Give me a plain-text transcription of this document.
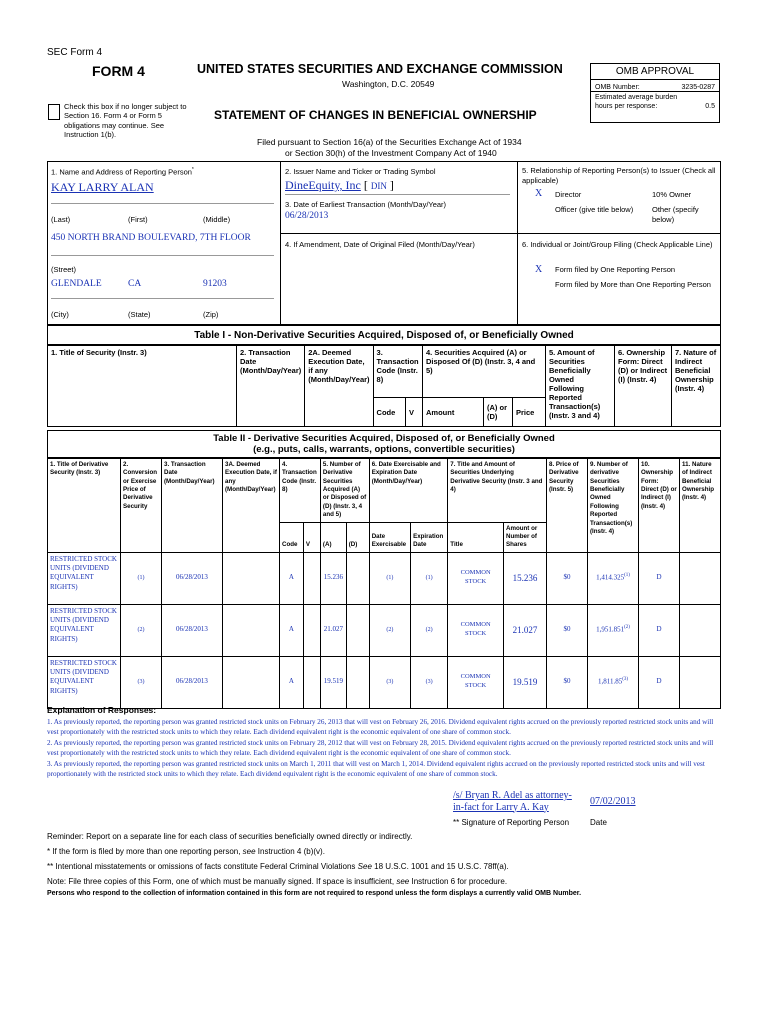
SEC Form 4
FORM 4	UNITED STATES SECURITIES AND EXCHANGE COMMISSION
Washington, D.C. 20549
Check this box if no longer subject to Section 16. Form 4 or Form 5 obligations may continue. See Instruction 1(b).
STATEMENT OF CHANGES IN BENEFICIAL OWNERSHIP
Filed pursuant to Section 16(a) of the Securities Exchange Act of 1934
or Section 30(h) of the Investment Company Act of 1940
OMB APPROVAL
OMB Number:	3235-0287
Estimated average burden
hours per response:	0.5
1. Name and Address of Reporting Person*
KAY LARRY ALAN
(Last)	(First)	(Middle)
450 NORTH BRAND BOULEVARD, 7TH FLOOR
(Street)
GLENDALE	CA	91203
(City)	(State)	(Zip)
2. Issuer Name and Ticker or Trading Symbol
DineEquity, Inc [ DIN ]
3. Date of Earliest Transaction (Month/Day/Year)
06/28/2013
4. If Amendment, Date of Original Filed (Month/Day/Year)
5. Relationship of Reporting Person(s) to Issuer (Check all applicable)
X Director	10% Owner
Officer (give title below)	Other (specify below)
6. Individual or Joint/Group Filing (Check Applicable Line)
X Form filed by One Reporting Person
Form filed by More than One Reporting Person
Table I - Non-Derivative Securities Acquired, Disposed of, or Beneficially Owned
1. Title of Security (Instr. 3)	2. Transaction Date (Month/Day/Year)	2A. Deemed Execution Date, if any (Month/Day/Year)	3. Transaction Code (Instr. 8)		4. Securities Acquired (A) or Disposed Of (D) (Instr. 3, 4 and 5)			5. Amount of Securities Beneficially Owned Following Reported Transaction(s) (Instr. 3 and 4)	6. Ownership Form: Direct (D) or Indirect (I) (Instr. 4)	7. Nature of Indirect Beneficial Ownership (Instr. 4)
			Code	V	Amount	(A) or (D)	Price			
Table II - Derivative Securities Acquired, Disposed of, or Beneficially Owned
(e.g., puts, calls, warrants, options, convertible securities)
1. Title of Derivative Security (Instr. 3)	2. Conversion or Exercise Price of Derivative Security	3. Transaction Date (Month/Day/Year)	3A. Deemed Execution Date, if any (Month/Day/Year)	4. Transaction Code (Instr. 8)		5. Number of Derivative Securities Acquired (A) or Disposed of (D) (Instr. 3, 4 and 5)		6. Date Exercisable and Expiration Date (Month/Day/Year)		7. Title and Amount of Securities Underlying Derivative Security (Instr. 3 and 4)		8. Price of Derivative Security (Instr. 5)	9. Number of derivative Securities Beneficially Owned Following Reported Transaction(s) (Instr. 4)	10. Ownership Form: Direct (D) or Indirect (I) (Instr. 4)	11. Nature of Indirect Beneficial Ownership (Instr. 4)
				Code	V	(A)	(D)	Date Exercisable	Expiration Date	Title	Amount or Number of Shares				
RESTRICTED STOCK UNITS (DIVIDEND EQUIVALENT RIGHTS)	(1)	06/28/2013		A		15.236		(1)	(1)	COMMON STOCK	15.236	$0	1,414.325$^{(1)}$	D	
RESTRICTED STOCK UNITS (DIVIDEND EQUIVALENT RIGHTS)	(2)	06/28/2013		A		21.027		(2)	(2)	COMMON STOCK	21.027	$0	1,951.851$^{(2)}$	D	
RESTRICTED STOCK UNITS (DIVIDEND EQUIVALENT RIGHTS)	(3)	06/28/2013		A		19.519		(3)	(3)	COMMON STOCK	19.519	$0	1,811.85$^{(3)}$	D	
Explanation of Responses:
1. As previously reported, the reporting person was granted restricted stock units on February 26, 2013 that will vest on February 26, 2016. Dividend equivalent rights accrued on the previously reported restricted stock units and will vest proportionately with the restricted stock units to which they relate. Each dividend equivalent right is the economic equivalent of one share of common stock.
2. As previously reported, the reporting person was granted restricted stock units on February 28, 2012 that will vest on February 28, 2015. Dividend equivalent rights accrued on the previously reported restricted stock units and will vest proportionately with the restricted stock units to which they relate. Each dividend equivalent right is the economic equivalent of one share of common stock.
3. As previously reported, the reporting person was granted restricted stock units on March 1, 2011 that will vest on March 1, 2014. Dividend equivalent rights accrued on the previously reported restricted stock units and will vest proportionately with the restricted stock units to which they relate. Each dividend equivalent right is the economic equivalent of one share of common stock.
/s/ Bryan R. Adel as attorney-
in-fact for Larry A. Kay	07/02/2013
** Signature of Reporting Person	Date
Reminder: Report on a separate line for each class of securities beneficially owned directly or indirectly.
* If the form is filed by more than one reporting person, see Instruction 4 (b)(v).
** Intentional misstatements or omissions of facts constitute Federal Criminal Violations See 18 U.S.C. 1001 and 15 U.S.C. 78ff(a).
Note: File three copies of this Form, one of which must be manually signed. If space is insufficient, see Instruction 6 for procedure.
Persons who respond to the collection of information contained in this form are not required to respond unless the form displays a currently valid OMB Number.
